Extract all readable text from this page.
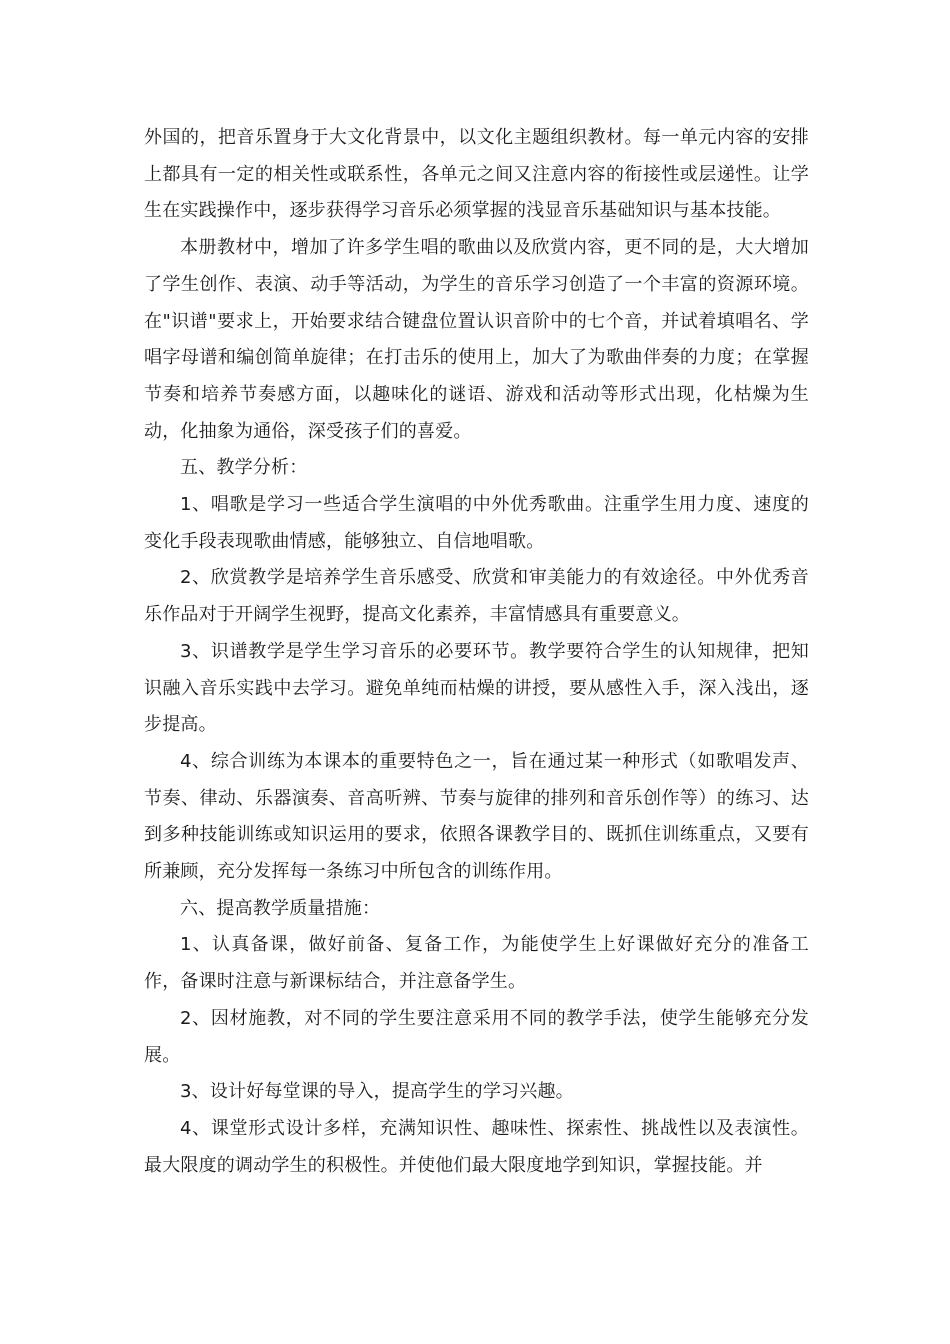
外国的，把音乐置身于大文化背景中，以文化主题组织教材。每一单元内容的安排上都具有一定的相关性或联系性，各单元之间又注意内容的衔接性或层递性。让学生在实践操作中，逐步获得学习音乐必须掌握的浅显音乐基础知识与基本技能。

本册教材中，增加了许多学生唱的歌曲以及欣赏内容，更不同的是，大大增加了学生创作、表演、动手等活动，为学生的音乐学习创造了一个丰富的资源环境。在"识谱"要求上，开始要求结合键盘位置认识音阶中的七个音，并试着填唱名、学唱字母谱和编创简单旋律；在打击乐的使用上，加大了为歌曲伴奏的力度；在掌握节奏和培养节奏感方面，以趣味化的谜语、游戏和活动等形式出现，化枯燥为生动，化抽象为通俗，深受孩子们的喜爱。

五、教学分析：

1、唱歌是学习一些适合学生演唱的中外优秀歌曲。注重学生用力度、速度的变化手段表现歌曲情感，能够独立、自信地唱歌。

2、欣赏教学是培养学生音乐感受、欣赏和审美能力的有效途径。中外优秀音乐作品对于开阔学生视野，提高文化素养，丰富情感具有重要意义。

3、识谱教学是学生学习音乐的必要环节。教学要符合学生的认知规律，把知识融入音乐实践中去学习。避免单纯而枯燥的讲授，要从感性入手，深入浅出，逐步提高。

4、综合训练为本课本的重要特色之一，旨在通过某一种形式（如歌唱发声、节奏、律动、乐器演奏、音高听辨、节奏与旋律的排列和音乐创作等）的练习、达到多种技能训练或知识运用的要求，依照各课教学目的、既抓住训练重点，又要有所兼顾，充分发挥每一条练习中所包含的训练作用。

六、提高教学质量措施：

1、认真备课，做好前备、复备工作，为能使学生上好课做好充分的准备工作，备课时注意与新课标结合，并注意备学生。

2、因材施教，对不同的学生要注意采用不同的教学手法，使学生能够充分发展。

3、设计好每堂课的导入，提高学生的学习兴趣。

4、课堂形式设计多样，充满知识性、趣味性、探索性、挑战性以及表演性。最大限度的调动学生的积极性。并使他们最大限度地学到知识，掌握技能。并
